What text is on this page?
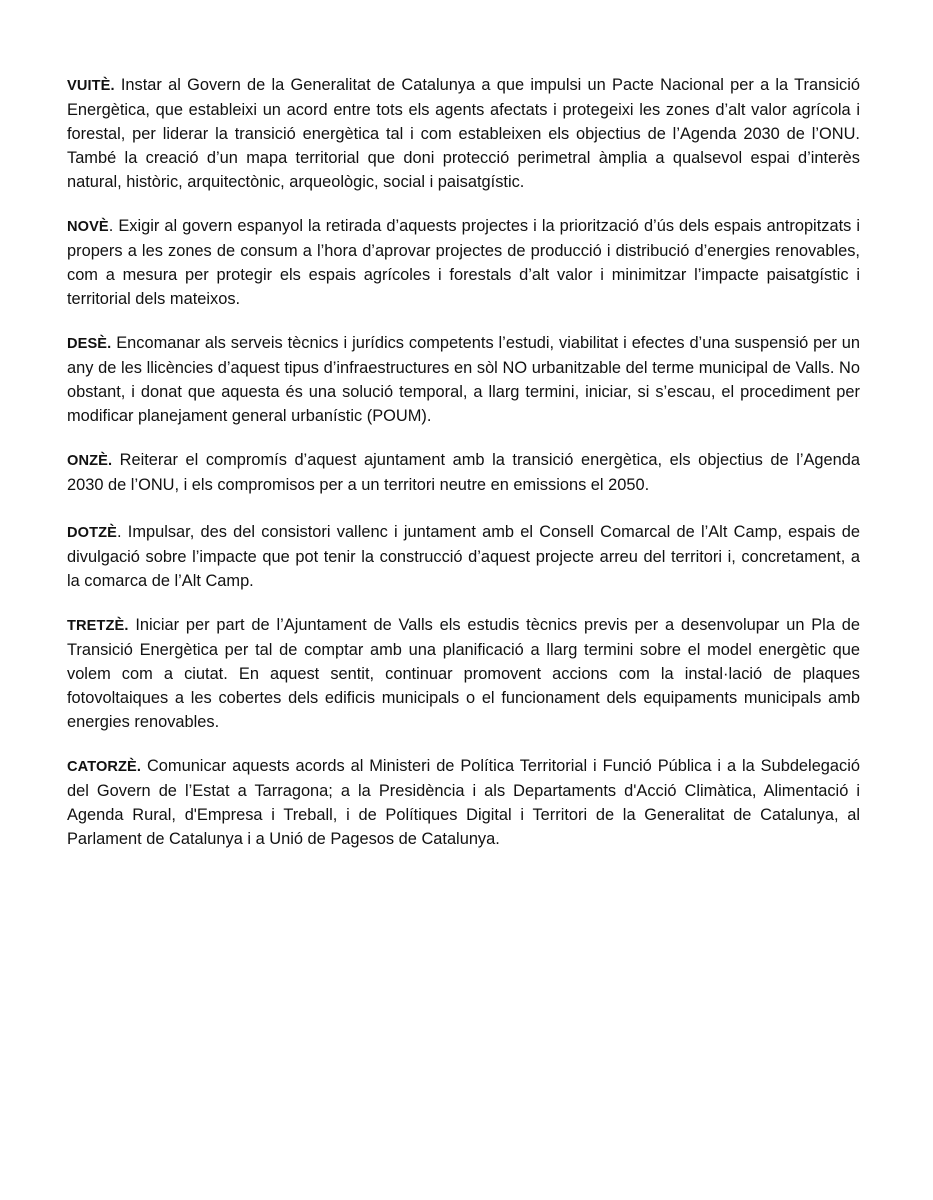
VUITÈ. Instar al Govern de la Generalitat de Catalunya a que impulsi un Pacte Nacional per a la Transició Energètica, que estableixi un acord entre tots els agents afectats i protegeixi les zones d’alt valor agrícola i forestal, per liderar la transició energètica tal i com estableixen els objectius de l’Agenda 2030 de l’ONU. També la creació d’un mapa territorial que doni protecció perimetral àmplia a qualsevol espai d’interès natural, històric, arquitectònic, arqueològic, social i paisatgístic.

NOVÈ. Exigir al govern espanyol la retirada d’aquests projectes i la priorització d’ús dels espais antropitzats i propers a les zones de consum a l’hora d’aprovar projectes de producció i distribució d’energies renovables, com a mesura per protegir els espais agrícoles i forestals d’alt valor i minimitzar l’impacte paisatgístic i territorial dels mateixos.

DESÈ. Encomanar als serveis tècnics i jurídics competents l’estudi, viabilitat i efectes d’una suspensió per un any de les llicències d’aquest tipus d’infraestructures en sòl NO urbanitzable del terme municipal de Valls. No obstant, i donat que aquesta és una solució temporal, a llarg termini, iniciar, si s’escau, el procediment per modificar planejament general urbanístic (POUM).

ONZÈ. Reiterar el compromís d’aquest ajuntament amb la transició energètica, els objectius de l’Agenda 2030 de l’ONU, i els compromisos per a un territori neutre en emissions el 2050.

DOTZÈ. Impulsar, des del consistori vallenc i juntament amb el Consell Comarcal de l’Alt Camp, espais de divulgació sobre l’impacte que pot tenir la construcció d’aquest projecte arreu del territori i, concretament, a la comarca de l’Alt Camp.

TRETZÈ. Iniciar per part de l’Ajuntament de Valls els estudis tècnics previs per a desenvolupar un Pla de Transició Energètica per tal de comptar amb una planificació a llarg termini sobre el model energètic que volem com a ciutat. En aquest sentit, continuar promovent accions com la instal·lació de plaques fotovoltaiques a les cobertes dels edificis municipals o el funcionament dels equipaments municipals amb energies renovables.

CATORZÈ. Comunicar aquests acords al Ministeri de Política Territorial i Funció Pública i a la Subdelegació del Govern de l’Estat a Tarragona; a la Presidència i als Departaments d'Acció Climàtica, Alimentació i Agenda Rural, d'Empresa i Treball, i de Polítiques Digital i Territori de la Generalitat de Catalunya, al Parlament de Catalunya i a Unió de Pagesos de Catalunya.
